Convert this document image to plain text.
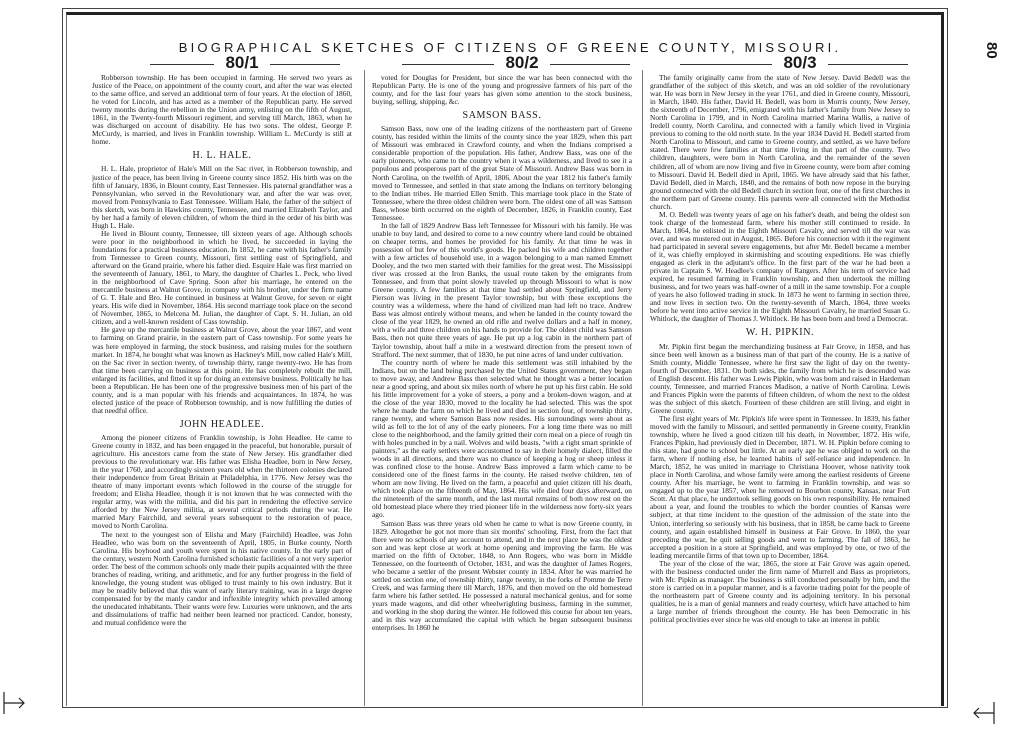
BIOGRAPHICAL SKETCHES OF CITIZENS OF GREENE COUNTY, MISSOURI.
80/1	80/2	80/3
80

Robberson township. He has been occupied in farming. He served two years as Justice of the Peace, on appointment of the county court, and after the war was elected to the same office, and served an additional term of four years. At the election of 1860, he voted for Lincoln, and has acted as a member of the Republican party. He served twenty months during the rebellion in the Union army, enlisting on the fifth of August, 1861, in the Twenty-fourth Missouri regiment, and serving till March, 1863, when he was discharged on account of disability. He has two sons. The oldest, George P. McCurdy, is married, and lives in Franklin township. William L. McCurdy is still at home.

H. L. HALE.

H. L. Hale, proprietor of Hale's Mill on the Sac river, in Robberson township, and justice of the peace, has been living in Greene county since 1852. His birth was on the fifth of January, 1836, in Blount county, East Tennessee. His paternal grandfather was a Pennsylvanian, who served in the Revolutionary war, and after the war was over, moved from Pennsylvania to East Tennessee. William Hale, the father of the subject of this sketch, was born in Hawkins county, Tennessee, and married Elizabeth Taylor, and by her had a family of eleven children, of whom the third in the order of his birth was Hugh L. Hale.

He lived in Blount county, Tennessee, till sixteen years of age. Although schools were poor in the neighborhood in which he lived, he succeeded in laying the foundations for a practical business education. In 1852, he came with his father's family from Tennessee to Green county, Missouri, first settling east of Springfield, and afterward on the Grand prairie, where his father died. Esquire Hale was first married on the seventeenth of January, 1861, to Mary, the daughter of Charles L. Peck, who lived in the neighborhood of Cave Spring. Soon after his marriage, he entered on the mercantile business at Walnut Grove, in company with his brother, under the firm name of G. T. Hale and Bro. He continued in business at Walnut Grove, for seven or eight years. His wife died in November, 1864. His second marriage took place on the second of November, 1865, to Melcena M. Julian, the daughter of Capt. S. H. Julian, an old citizen, and a well-known resident of Cass township.

He gave up the mercantile business at Walnut Grove, about the year 1867, and went to farming on Grand prairie, in the eastern part of Cass township. For some years he was here employed in farming, the stock business, and raising mules for the southern market. In 1874, he bought what was known as Hackney's Mill, now called Hale's Mill, on the Sac river in section twenty, of township thirty, range twenty-two. He has from that time been carrying on business at this point. He has completely rebuilt the mill, enlarged its facilities, and fitted it up for doing an extensive business. Politically he has been a Republican. He has been one of the progressive business men of his part of the county, and is a man popular with his friends and acquaintances. In 1874, he was elected justice of the peace of Robberson township, and is now fulfilling the duties of that needful office.

JOHN HEADLEE.

Among the pioneer citizens of Franklin township, is John Headlee. He came to Greene county in 1832, and has been engaged in the peaceful, but honorable, pursuit of agriculture. His ancestors came from the state of New Jersey. His grandfather died previous to the revolutionary war. His father was Elisha Headlee, born in New Jersey, in the year 1760, and accordingly sixteen years old when the thirteen colonies declared their independence from Great Britain at Philadelphia, in 1776. New Jersey was the theatre of many important events which followed in the course of the struggle for freedom; and Elisha Headlee, though it is not known that he was connected with the regular army, was with the militia, and did his part in rendering the effective service afforded by the New Jersey militia, at several critical periods during the war. He married Mary Fairchild, and several years subsequent to the restoration of peace, moved to North Carolina.

The next to the youngest son of Elisha and Mary (Fairchild) Headlee, was John Headlee, who was born on the seventeenth of April, 1805, in Burke county, North Carolina. His boyhood and youth were spent in his native county. In the early part of the century, western North Carolina furnished scholastic facilities of a not very superior order. The best of the common schools only made their pupils acquainted with the three branches of reading, writing, and arithmetic, and for any further progress in the field of knowledge, the young student was obliged to trust mainly to his own industry. But it may be readily believed that this want of early literary training, was in a large degree compensated for by the manly candor and inflexible integrity which prevailed among the uneducated inhabitants. Their wants were few. Luxuries were unknown, and the arts and dissimulations of traffic had neither been learned nor practiced. Candor, honesty, and mutual confidence were the

voted for Douglas for President, but since the war has been connected with the Republican Party. He is one of the young and progressive farmers of his part of the county, and for the last four years has given some attention to the stock business, buying, selling, shipping, &c.

SAMSON BASS.

Samson Bass, now one of the leading citizens of the northeastern part of Greene county, has resided within the limits of the county since the year 1829, when this part of Missouri was embraced in Crawford county, and when the Indians comprised a considerable proportion of the population. His father, Andrew Bass, was one of the early pioneers, who came to the country when it was a wilderness, and lived to see it a populous and prosperous part of the great State of Missouri. Andrew Bass was born in North Carolina, on the twelfth of April, 1806. About the year 1812 his father's family moved to Tennessee, and settled in that state among the Indians on territory belonging to the Indian tribes. He married Ellen Smith. This marriage took place in the State of Tennessee, where the three oldest children were born. The oldest one of all was Samson Bass, whose birth occurred on the eighth of December, 1826, in Franklin county, East Tennessee.

In the fall of 1829 Andrew Bass left Tennessee for Missouri with his family. He was unable to buy land, and desired to come to a new country where land could be obtained on cheaper terms, and homes be provided for his family. At that time he was in possession of but few of this world's goods. He packed his wife and children together with a few articles of household use, in a wagon belonging to a man named Emmett Dooley, and the two men started with their families for the great west. The Mississippi river was crossed at the Iron Banks, the usual route taken by the emigrants from Tennessee, and from that point slowly traveled up through Missouri to what is now Greene county. A few families at that time had settled about Springfield, and Jerry Pierson was living in the present Taylor township, but with these exceptions the country was a wilderness, where the hand of civilized man had left no trace. Andrew Bass was almost entirely without means, and when he landed in the county toward the close of the year 1829, he owned an old rifle and twelve dollars and a half in money, with a wife and three children on his hands to provide for. The oldest child was Samson Bass, then not quite three years of age. He put up a log cabin in the northern part of Taylor township, about half a mile in a westward direction from the present town of Strafford. The next summer, that of 1830, he put nine acres of land under cultivation.

The country north of where he made this settlement was still inhabited by the Indians, but on the land being purchased by the United States government, they began to move away, and Andrew Bass then selected what he thought was a better location near a good spring, and about six miles north of where he put up his first cabin. He sold his little improvement for a yoke of steers, a pony and a broken-down wagon, and at the close of the year 1830, moved to the locality he had selected. This was the spot where he made the farm on which he lived and died in section four, of township thirty, range twenty, and where Samson Bass now resides. His surroundings were about as wild as fell to the lot of any of the early pioneers. For a long time there was no mill close to the neighborhood, and the family gritted their corn meal on a piece of rough tin with holes punched in by a nail. Wolves and wild beasts, "with a right smart sprinkle of painters," as the early settlers were accustomed to say in their homely dialect, filled the woods in all directions, and there was no chance of keeping a hog or sheep unless it was confined close to the house. Andrew Bass improved a farm which came to be considered one of the finest farms in the county. He raised twelve children, ten of whom are now living. He lived on the farm, a peaceful and quiet citizen till his death, which took place on the fifteenth of May, 1864. His wife died four days afterward, on the nineteenth of the same month, and the last mortal remains of both now rest on the old homestead place where they tried pioneer life in the wilderness now forty-six years ago.

Samson Bass was three years old when he came to what is now Greene county, in 1829. Altogether he got not more than six months' schooling. First, from the fact that there were no schools of any account to attend, and in the next place he was the oldest son and was kept close at work at home opening and improving the farm. He was married on the fifth of October, 1848, to Ann Rogers, who was born in Middle Tennessee, on the fourteenth of October, 1831, and was the daughter of James Rogers, who became a settler of the present Webster county in 1834. After he was married he settled on section one, of township thirty, range twenty, in the forks of Pomme de Terre Creek, and was farming there till March, 1876, and then moved on the old homestead farm where his father settled. He possessed a natural mechanical genius, and for some years made wagons, and did other wheelwrighting business, farming in the summer, and working in the shop during the winter. He followed this course for about ten years, and in this way accumulated the capital with which he began subsequent business enterprises. In 1860 he

The family originally came from the state of New Jersey. David Bedell was the grandfather of the subject of this sketch, and was an old soldier of the revolutionary war. He was born in New Jersey in the year 1761, and died in Greene county, Missouri, in March, 1840. His father, David H. Bedell, was born in Morris county, New Jersey, the sixteenth of December, 1796, emigrated with his father's family from New Jersey to North Carolina in 1799, and in North Carolina married Marina Wallis, a native of Iredell county, North Carolina, and connected with a family which lived in Virginia previous to coming to the old north state. In the year 1834 David H. Bedell started from North Carolina to Missouri, and came to Greene county, and settled, as we have before stated. There were few families at that time living in that part of the county. Two children, daughters, were born in North Carolina, and the remainder of the seven children, all of whom are now living and five in Greene county, were born after coming to Missouri. David H. Bedell died in April, 1865. We have already said that his father, David Bedell, died in March, 1840, and the remains of both now repose in the burying ground connected with the old Bedell church in section four, one of the first churches in the northern part of Greene county. His parents were all connected with the Methodist church.

M. O. Bedell was twenty years of age on his father's death, and being the oldest son took charge of the homestead farm, where his mother still continued to reside. In March, 1864, he enlisted in the Eighth Missouri Cavalry, and served till the war was over, and was mustered out in August, 1865. Before his connection with it the regiment had participated in several severe engagements, but after Mr. Bedell became a member of it, was chiefly employed in skirmishing and scouting expeditions. He was chiefly engaged as clerk in the adjutant's office. In the first part of the war he had been a private in Captain S. W. Headlee's company of Rangers. After his term of service had expired, he resumed farming in Franklin township, and then undertook the milling business, and for two years was half-owner of a mill in the same township. For a couple of years he also followed trading in stock. In 1873 he went to farming in section three, and now lives in section two. On the twenty-seventh of March, 1864, three weeks before he went into active service in the Eighth Missouri Cavalry, he married Susan G. Whitlock, the daughter of Thomas J. Whitlock. He has been born and bred a Democrat.

W. H. PIPKIN.

Mr. Pipkin first began the merchandizing business at Fair Grove, in 1858, and has since been well known as a business man of that part of the county. He is a native of Smith county, Middle Tennessee, where he first saw the light of day on the twenty-fourth of December, 1831. On both sides, the family from which he is descended was of English descent. His father was Lewis Pipkin, who was born and raised in Hardeman county, Tennessee, and married Frances Madison, a native of North Carolina. Lewis and Frances Pipkin were the parents of fifteen children, of whom the next to the oldest was the subject of this sketch. Fourteen of these children are still living, and eight in Greene county.

The first eight years of Mr. Pipkin's life were spent in Tennessee. In 1839, his father moved with the family to Missouri, and settled permanently in Greene county, Franklin township, where he lived a good citizen till his death, in November, 1872. His wife, Frances Pipkin, had previously died in December, 1871. W. H. Pipkin before coming to this state, had gone to school but little. At an early age he was obliged to work on the farm, where if nothing else, he learned habits of self-reliance and independence. In March, 1852, he was united in marriage to Christiana Hoover, whose nativity took place in North Carolina, and whose family were among the earliest residents of Greene county. After his marriage, he went to farming in Franklin township, and was so engaged up to the year 1857, when he removed to Bourbon county, Kansas, near Fort Scott. At that place, he undertook selling goods on his own responsibility. He remained about a year, and found the troubles to which the border counties of Kansas were subject, at that time incident to the question of the admission of the state into the Union, interfering so seriously with his business, that in 1858, he came back to Greene county, and again established himself in business at Fair Grove. In 1860, the year preceding the war, he quit selling goods and went to farming. The fall of 1863, he accepted a position in a store at Springfield, and was employed by one, or two of the leading mercantile firms of that town up to December, 1864.

The year of the close of the war, 1865, the store at Fair Grove was again opened, with the business conducted under the firm name of Murrell and Bass as proprietors, with Mr. Pipkin as manager. The business is still conducted personally by him, and the store is carried on in a popular manner, and is a favorite trading point for the people of the northeastern part of Greene county and its adjoining territory. In his personal qualities, he is a man of genial manners and ready courtesy, which have attached to him a large number of friends throughout the county. He has been Democratic in his political proclivities ever since he was old enough to take an interest in public
